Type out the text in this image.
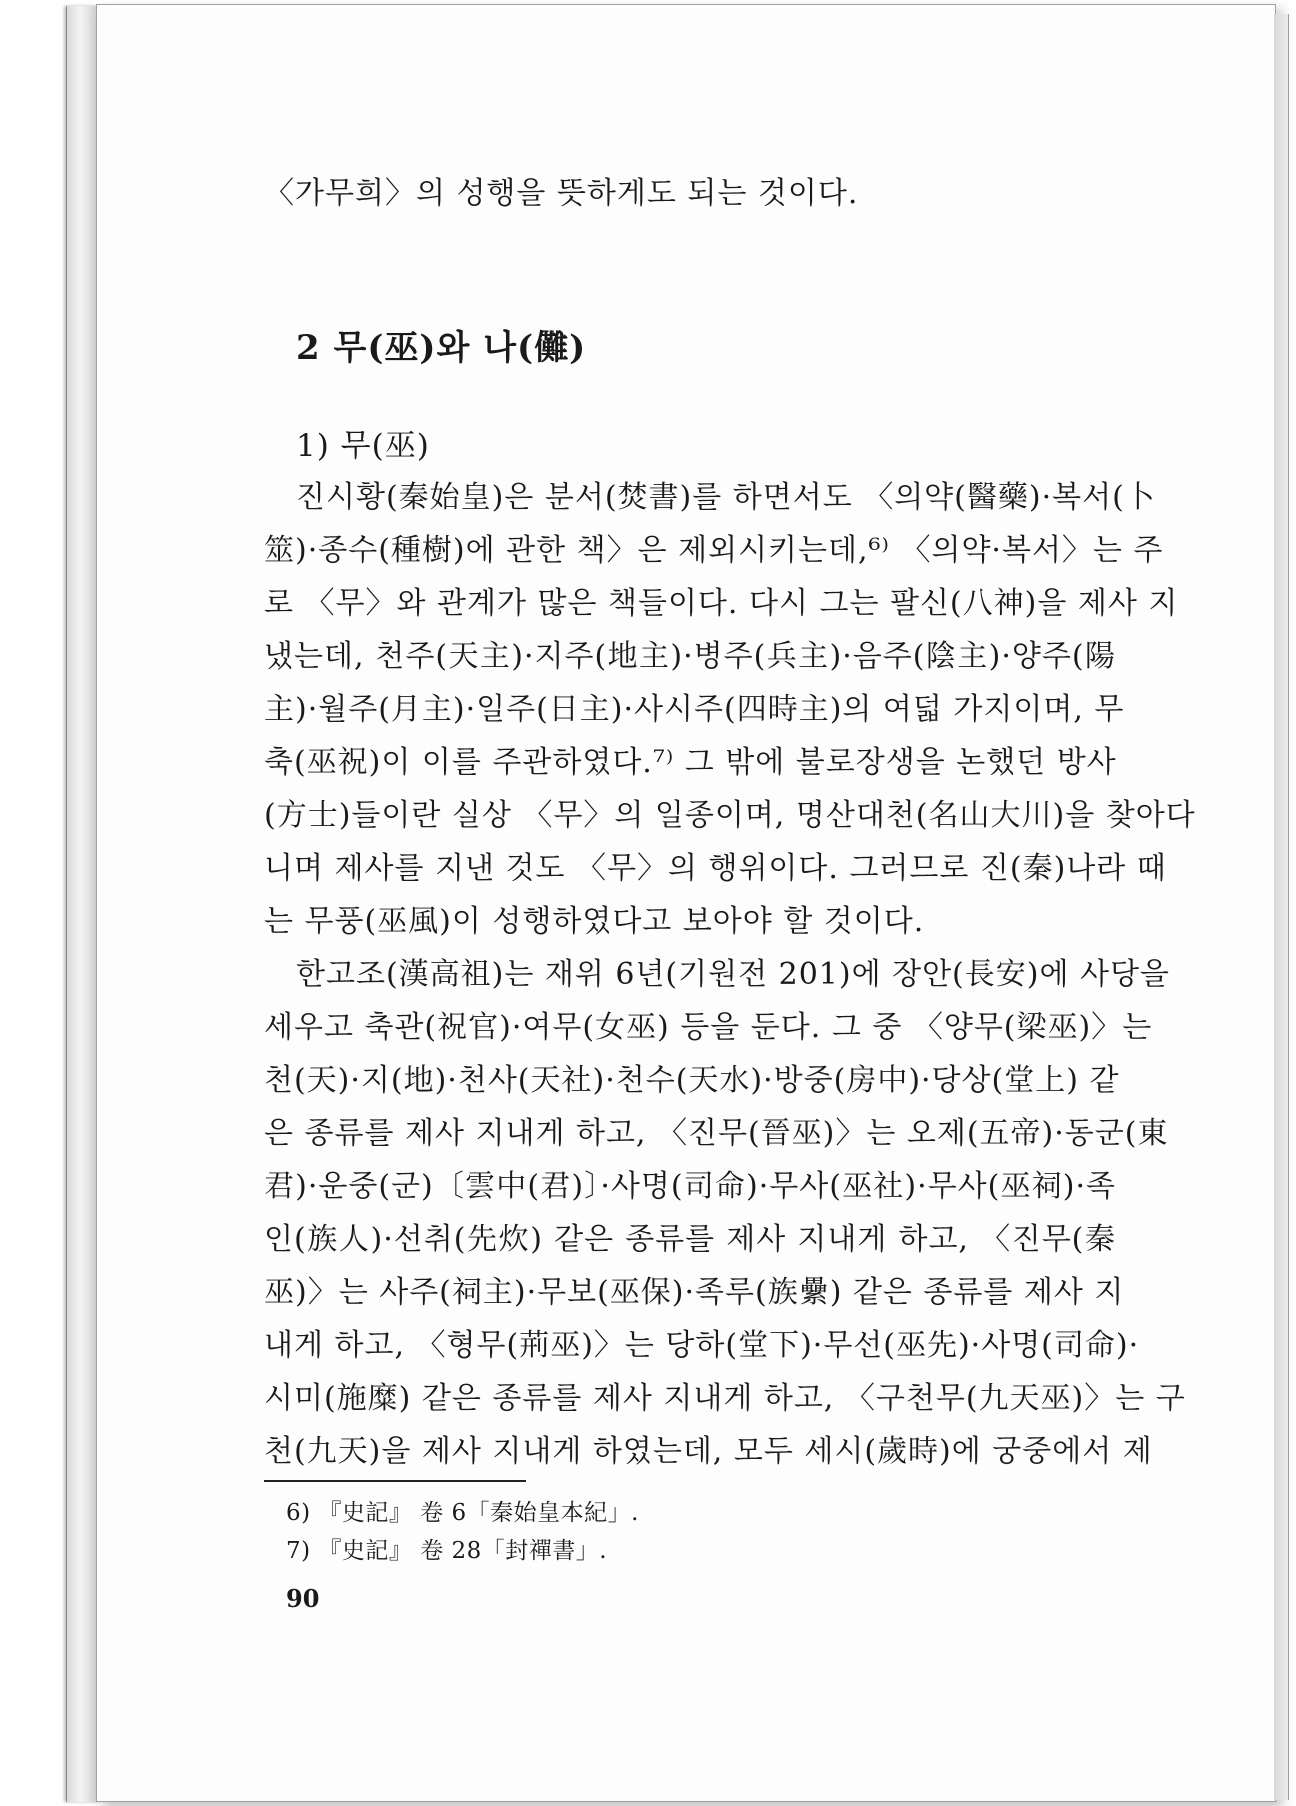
〈가무희〉의 성행을 뜻하게도 되는 것이다.
2 무(巫)와 나(儺)
1) 무(巫)
진시황(秦始皇)은 분서(焚書)를 하면서도 〈의약(醫藥)·복서(卜
筮)·종수(種樹)에 관한 책〉은 제외시키는데,⁶⁾ 〈의약·복서〉는 주
로 〈무〉와 관계가 많은 책들이다. 다시 그는 팔신(八神)을 제사 지
냈는데, 천주(天主)·지주(地主)·병주(兵主)·음주(陰主)·양주(陽
主)·월주(月主)·일주(日主)·사시주(四時主)의 여덟 가지이며, 무
축(巫祝)이 이를 주관하였다.⁷⁾ 그 밖에 불로장생을 논했던 방사
(方士)들이란 실상 〈무〉의 일종이며, 명산대천(名山大川)을 찾아다
니며 제사를 지낸 것도 〈무〉의 행위이다. 그러므로 진(秦)나라 때
는 무풍(巫風)이 성행하였다고 보아야 할 것이다.
한고조(漢高祖)는 재위 6년(기원전 201)에 장안(長安)에 사당을
세우고 축관(祝官)·여무(女巫) 등을 둔다. 그 중 〈양무(梁巫)〉는
천(天)·지(地)·천사(天社)·천수(天水)·방중(房中)·당상(堂上) 같
은 종류를 제사 지내게 하고, 〈진무(晉巫)〉는 오제(五帝)·동군(東
君)·운중(군)〔雲中(君)〕·사명(司命)·무사(巫社)·무사(巫祠)·족
인(族人)·선취(先炊) 같은 종류를 제사 지내게 하고, 〈진무(秦
巫)〉는 사주(祠主)·무보(巫保)·족루(族纍) 같은 종류를 제사 지
내게 하고, 〈형무(荊巫)〉는 당하(堂下)·무선(巫先)·사명(司命)·
시미(施糜) 같은 종류를 제사 지내게 하고, 〈구천무(九天巫)〉는 구
천(九天)을 제사 지내게 하였는데, 모두 세시(歲時)에 궁중에서 제
6) 『史記』 卷 6「秦始皇本紀」.
7) 『史記』 卷 28「封禪書」.
90
